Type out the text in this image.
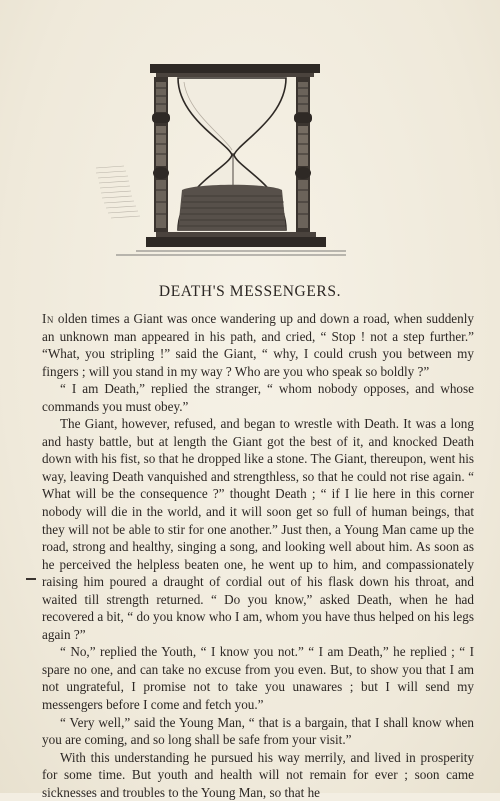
DEATH'S MESSENGERS.

In olden times a Giant was once wandering up and down a road, when suddenly an unknown man appeared in his path, and cried, “ Stop ! not a step further.” “What, you stripling !” said the Giant, “ why, I could crush you between my fingers ; will you stand in my way ? Who are you who speak so boldly ?”

“ I am Death,” replied the stranger, “ whom nobody opposes, and whose commands you must obey.”

The Giant, however, refused, and began to wrestle with Death. It was a long and hasty battle, but at length the Giant got the best of it, and knocked Death down with his fist, so that he dropped like a stone. The Giant, thereupon, went his way, leaving Death vanquished and strengthless, so that he could not rise again. “ What will be the consequence ?” thought Death ; “ if I lie here in this corner nobody will die in the world, and it will soon get so full of human beings, that they will not be able to stir for one another.” Just then, a Young Man came up the road, strong and healthy, singing a song, and looking well about him. As soon as he perceived the helpless beaten one, he went up to him, and compassionately raising him poured a draught of cordial out of his flask down his throat, and waited till strength returned. “ Do you know,” asked Death, when he had recovered a bit, “ do you know who I am, whom you have thus helped on his legs again ?”

“ No,” replied the Youth, “ I know you not.” “ I am Death,” he replied ; “ I spare no one, and can take no excuse from you even. But, to show you that I am not ungrateful, I promise not to take you unawares ; but I will send my messengers before I come and fetch you.”

“ Very well,” said the Young Man, “ that is a bargain, that I shall know when you are coming, and so long shall be safe from your visit.”

With this understanding he pursued his way merrily, and lived in prosperity for some time. But youth and health will not remain for ever ; soon came sicknesses and troubles to the Young Man, so that he
